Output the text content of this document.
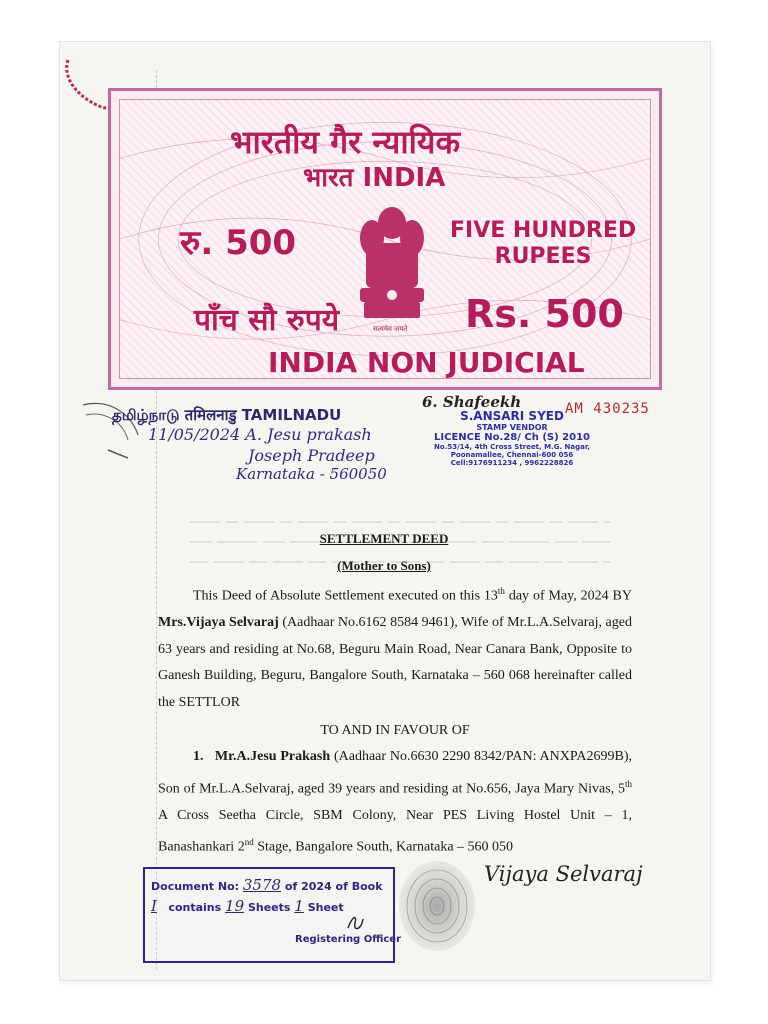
भारतीय गैर न्यायिक
भारत INDIA
रु. 500	FIVE HUNDRED
RUPEES
सत्यमेव जयते
पाँच सौ रुपये	Rs. 500
INDIA NON JUDICIAL
தமிழ்நாடு तमिलनाडु TAMILNADU
11/05/2024 A. Jesu prakash
Joseph Pradeep
Karnataka - 560050
6. Shafeekh
S.ANSARI SYED
STAMP VENDOR
LICENCE No.28/ Ch (S) 2010
No.53/14, 4th Cross Street, M.G. Nagar,
Poonamallee, Chennai-600 056
Cell:9176911234 , 9962228826
AM 430235
SETTLEMENT DEED
(Mother to Sons)
This Deed of Absolute Settlement executed on this 13th day of May, 2024 BY Mrs.Vijaya Selvaraj (Aadhaar No.6162 8584 9461), Wife of Mr.L.A.Selvaraj, aged 63 years and residing at No.68, Beguru Main Road, Near Canara Bank, Opposite to Ganesh Building, Beguru, Bangalore South, Karnataka – 560 068 hereinafter called the SETTLOR
TO AND IN FAVOUR OF
1. Mr.A.Jesu Prakash (Aadhaar No.6630 2290 8342/PAN: ANXPA2699B), Son of Mr.L.A.Selvaraj, aged 39 years and residing at No.656, Jaya Mary Nivas, 5th A Cross Seetha Circle, SBM Colony, Near PES Living Hostel Unit – 1, Banashankari 2nd Stage, Bangalore South, Karnataka – 560 050
Document No: 3578 of 2024 of Book
I contains 19 Sheets 1 Sheet
Registering Officer
Vijaya Selvaraj
